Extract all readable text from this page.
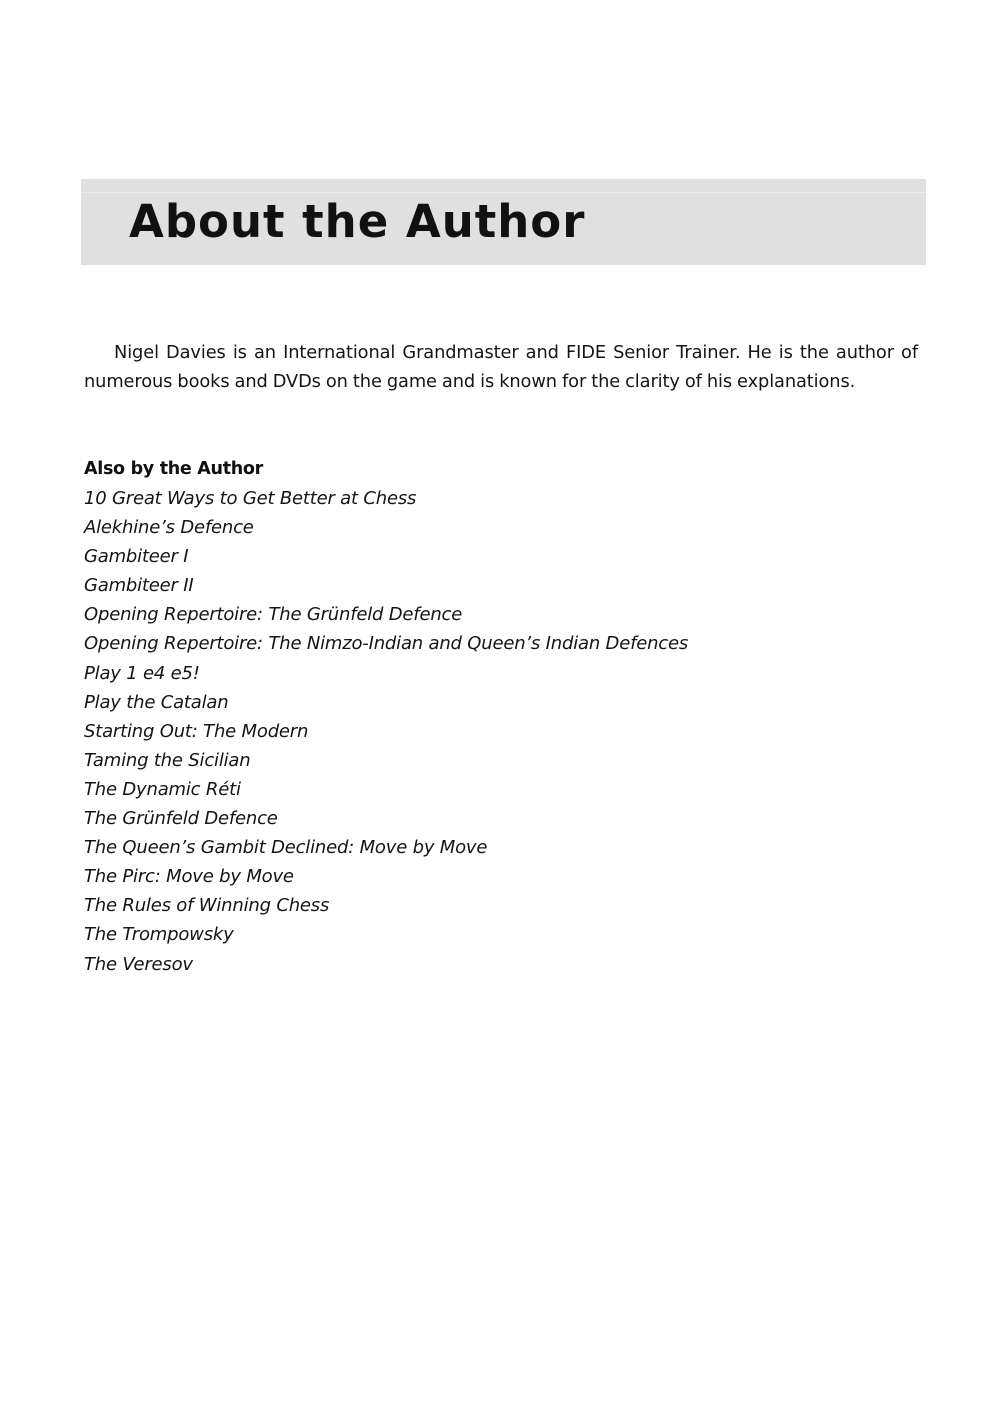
About the Author

Nigel Davies is an International Grandmaster and FIDE Senior Trainer. He is the author of numerous books and DVDs on the game and is known for the clarity of his explanations.

Also by the Author
10 Great Ways to Get Better at Chess
Alekhine’s Defence
Gambiteer I
Gambiteer II
Opening Repertoire: The Grünfeld Defence
Opening Repertoire: The Nimzo-Indian and Queen’s Indian Defences
Play 1 e4 e5!
Play the Catalan
Starting Out: The Modern
Taming the Sicilian
The Dynamic Réti
The Grünfeld Defence
The Queen’s Gambit Declined: Move by Move
The Pirc: Move by Move
The Rules of Winning Chess
The Trompowsky
The Veresov
